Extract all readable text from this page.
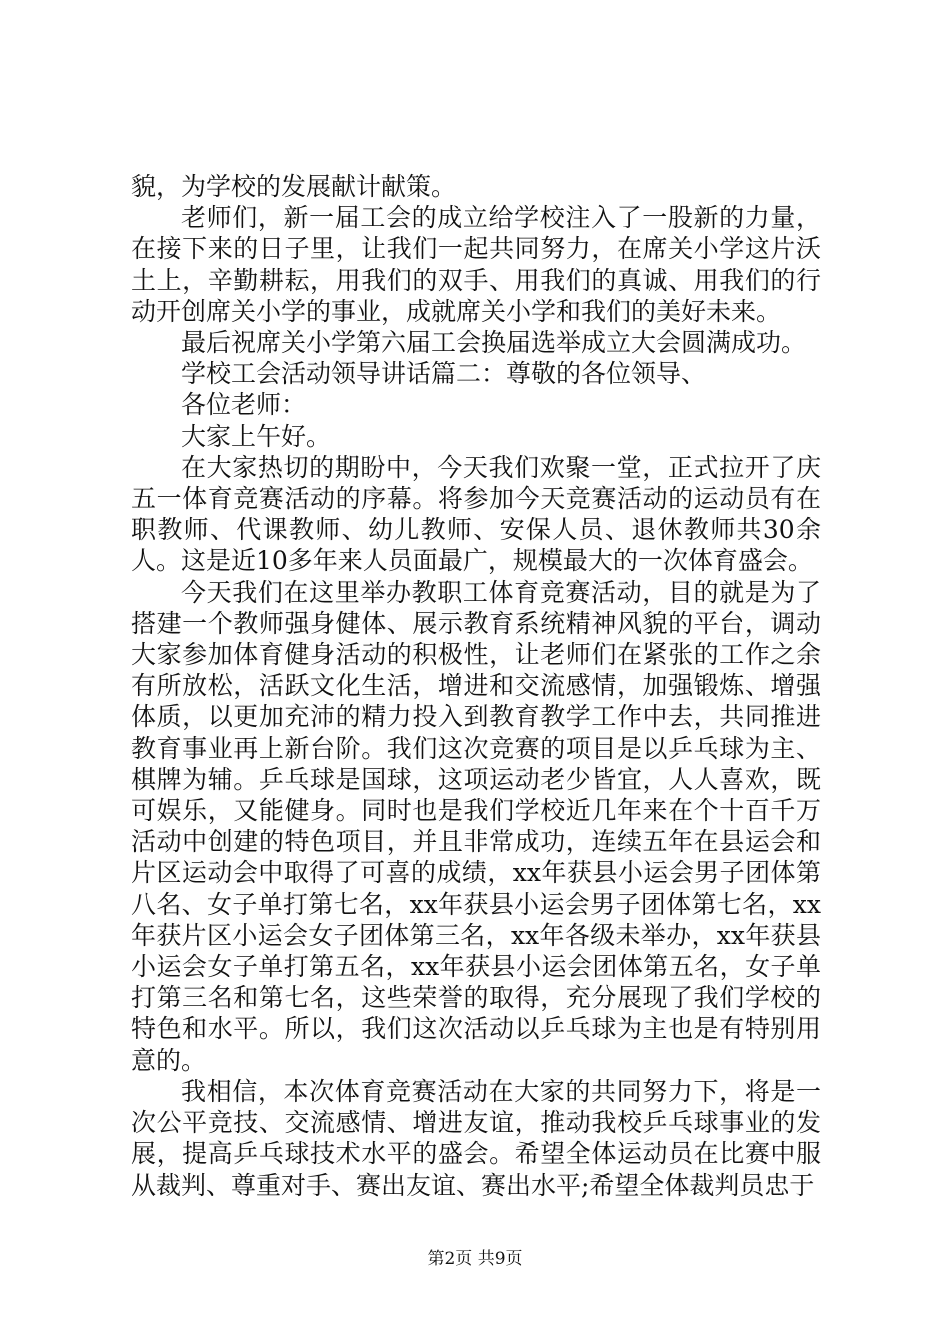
貌，为学校的发展献计献策。

老师们，新一届工会的成立给学校注入了一股新的力量，在接下来的日子里，让我们一起共同努力，在席关小学这片沃土上，辛勤耕耘，用我们的双手、用我们的真诚、用我们的行动开创席关小学的事业，成就席关小学和我们的美好未来。

最后祝席关小学第六届工会换届选举成立大会圆满成功。

学校工会活动领导讲话篇二：尊敬的各位领导、

各位老师：

大家上午好。

在大家热切的期盼中，今天我们欢聚一堂，正式拉开了庆五一体育竞赛活动的序幕。将参加今天竞赛活动的运动员有在职教师、代课教师、幼儿教师、安保人员、退休教师共30余人。这是近10多年来人员面最广，规模最大的一次体育盛会。

今天我们在这里举办教职工体育竞赛活动，目的就是为了搭建一个教师强身健体、展示教育系统精神风貌的平台，调动大家参加体育健身活动的积极性，让老师们在紧张的工作之余有所放松，活跃文化生活，增进和交流感情，加强锻炼、增强体质，以更加充沛的精力投入到教育教学工作中去，共同推进教育事业再上新台阶。我们这次竞赛的项目是以乒乓球为主、棋牌为辅。乒乓球是国球，这项运动老少皆宜，人人喜欢，既可娱乐，又能健身。同时也是我们学校近几年来在个十百千万活动中创建的特色项目，并且非常成功，连续五年在县运会和片区运动会中取得了可喜的成绩，xx年获县小运会男子团体第八名、女子单打第七名，xx年获县小运会男子团体第七名，xx年获片区小运会女子团体第三名，xx年各级未举办，xx年获县小运会女子单打第五名，xx年获县小运会团体第五名，女子单打第三名和第七名，这些荣誉的取得，充分展现了我们学校的特色和水平。所以，我们这次活动以乒乓球为主也是有特别用意的。

我相信，本次体育竞赛活动在大家的共同努力下，将是一次公平竞技、交流感情、增进友谊，推动我校乒乓球事业的发展，提高乒乓球技术水平的盛会。希望全体运动员在比赛中服从裁判、尊重对手、赛出友谊、赛出水平;希望全体裁判员忠于

第2页 共9页
